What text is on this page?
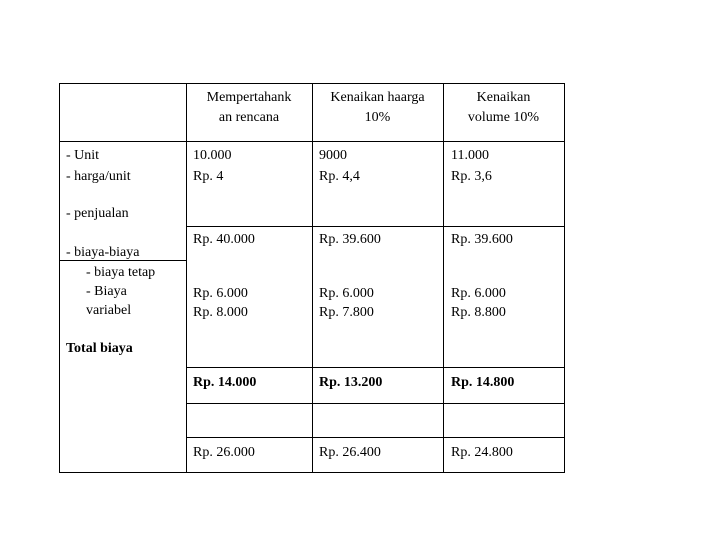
Mempertahank
an rencana
Kenaikan haarga
10%
Kenaikan
volume 10%
- Unit
- harga/unit
- penjualan
- biaya-biaya
- biaya tetap
- Biaya
variabel
Total biaya
10.000
Rp. 4
Rp. 40.000
Rp. 6.000
Rp. 8.000
Rp. 14.000
Rp. 26.000
9000
Rp. 4,4
Rp. 39.600
Rp. 6.000
Rp. 7.800
Rp. 13.200
Rp. 26.400
11.000
Rp. 3,6
Rp. 39.600
Rp. 6.000
Rp. 8.800
Rp. 14.800
Rp. 24.800
